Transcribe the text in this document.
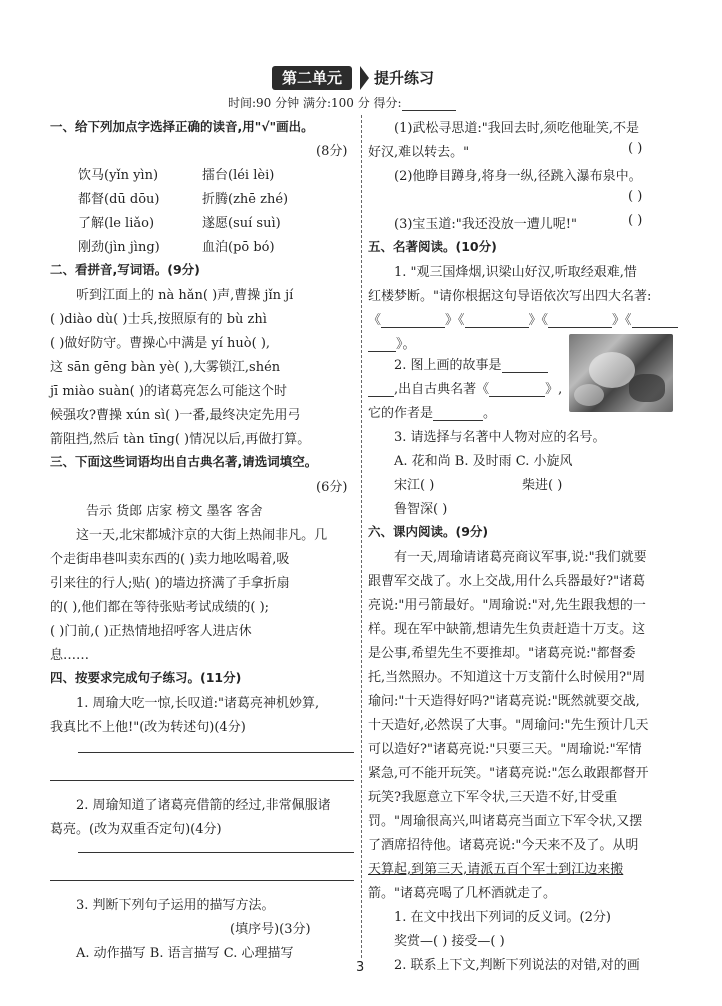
第二单元	提升练习
时间:90 分钟 满分:100 分 得分:
一、给下列加点字选择正确的读音,用"√"画出。
(8分)
饮马(yǐn yìn)	擂台(léi lèi)
都督(dū dōu)	折腾(zhē zhé)
了解(le liǎo)	遂愿(suí suì)
刚劲(jìn jìng)	血泊(pō bó)
二、看拼音,写词语。(9分)
听到江面上的 nà hǎn( )声,曹操 jǐn jí
( )diào dù( )士兵,按照原有的 bù zhì
( )做好防守。曹操心中满是 yí huò( ),
这 sān gēng bàn yè( ),大雾锁江,shén
jī miào suàn( )的诸葛亮怎么可能这个时
候强攻?曹操 xún sì( )一番,最终决定先用弓
箭阻挡,然后 tàn tīng( )情况以后,再做打算。
三、下面这些词语均出自古典名著,请选词填空。
(6分)
告示 货郎 店家 榜文 墨客 客舍
这一天,北宋都城汴京的大街上热闹非凡。几
个走街串巷叫卖东西的( )卖力地吆喝着,吸
引来往的行人;贴( )的墙边挤满了手拿折扇
的( ),他们都在等待张贴考试成绩的( );
( )门前,( )正热情地招呼客人进店休
息……
四、按要求完成句子练习。(11分)
1. 周瑜大吃一惊,长叹道:"诸葛亮神机妙算,
我真比不上他!"(改为转述句)(4分)
2. 周瑜知道了诸葛亮借箭的经过,非常佩服诸
葛亮。(改为双重否定句)(4分)
3. 判断下列句子运用的描写方法。
(填序号)(3分)
A. 动作描写 B. 语言描写 C. 心理描写
(1)武松寻思道:"我回去时,须吃他耻笑,不是
好汉,难以转去。"	( )
(2)他睁目蹲身,将身一纵,径跳入瀑布泉中。
( )
(3)宝玉道:"我还没放一遭儿呢!"	( )
五、名著阅读。(10分)
1. "观三国烽烟,识梁山好汉,听取经艰难,惜
红楼梦断。"请你根据这句导语依次写出四大名著:
《	》《	》《	》《
》。
2. 图上画的故事是
,出自古典名著《	》,
它的作者是	。
3. 请选择与名著中人物对应的名号。
A. 花和尚 B. 及时雨 C. 小旋风
宋江( )	柴进( )
鲁智深( )
六、课内阅读。(9分)
有一天,周瑜请诸葛亮商议军事,说:"我们就要
跟曹军交战了。水上交战,用什么兵器最好?"诸葛
亮说:"用弓箭最好。"周瑜说:"对,先生跟我想的一
样。现在军中缺箭,想请先生负责赶造十万支。这
是公事,希望先生不要推却。"诸葛亮说:"都督委
托,当然照办。不知道这十万支箭什么时候用?"周
瑜问:"十天造得好吗?"诸葛亮说:"既然就要交战,
十天造好,必然误了大事。"周瑜问:"先生预计几天
可以造好?"诸葛亮说:"只要三天。"周瑜说:"军情
紧急,可不能开玩笑。"诸葛亮说:"怎么敢跟都督开
玩笑?我愿意立下军令状,三天造不好,甘受重
罚。"周瑜很高兴,叫诸葛亮当面立下军令状,又摆
了酒席招待他。诸葛亮说:"今天来不及了。从明
天算起,到第三天,请派五百个军士到江边来搬
箭。"诸葛亮喝了几杯酒就走了。
1. 在文中找出下列词的反义词。(2分)
奖赏—( ) 接受—( )
2. 联系上下文,判断下列说法的对错,对的画
3
